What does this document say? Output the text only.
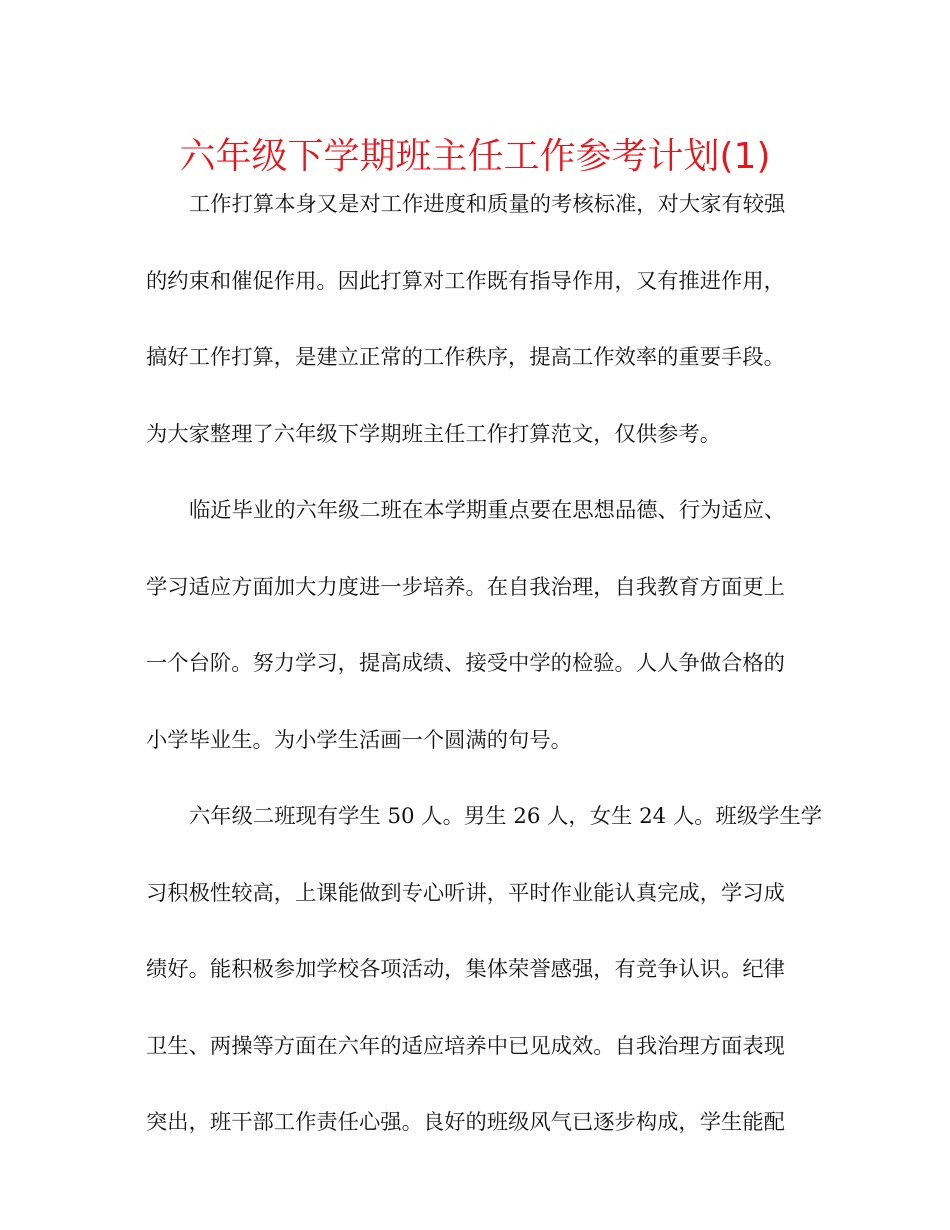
六年级下学期班主任工作参考计划(1)
工作打算本身又是对工作进度和质量的考核标准，对大家有较强
的约束和催促作用。因此打算对工作既有指导作用，又有推进作用，
搞好工作打算，是建立正常的工作秩序，提高工作效率的重要手段。
为大家整理了六年级下学期班主任工作打算范文，仅供参考。
临近毕业的六年级二班在本学期重点要在思想品德、行为适应、
学习适应方面加大力度进一步培养。在自我治理，自我教育方面更上
一个台阶。努力学习，提高成绩、接受中学的检验。人人争做合格的
小学毕业生。为小学生活画一个圆满的句号。
六年级二班现有学生 50 人。男生 26 人，女生 24 人。班级学生学
习积极性较高，上课能做到专心听讲，平时作业能认真完成，学习成
绩好。能积极参加学校各项活动，集体荣誉感强，有竞争认识。纪律
卫生、两操等方面在六年的适应培养中已见成效。自我治理方面表现
突出，班干部工作责任心强。良好的班级风气已逐步构成，学生能配
